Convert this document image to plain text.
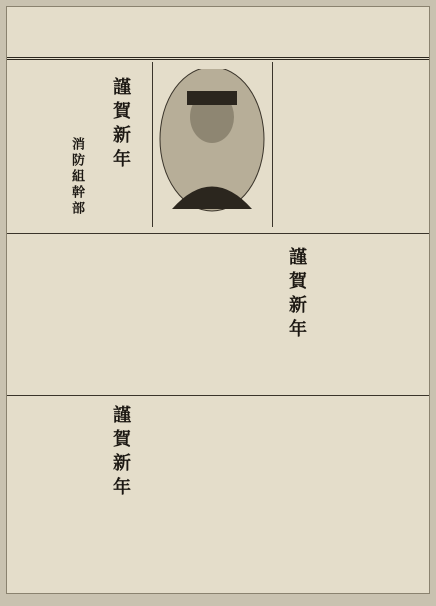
謹賀新年
消防組幹部
謹賀新年
謹賀新年
